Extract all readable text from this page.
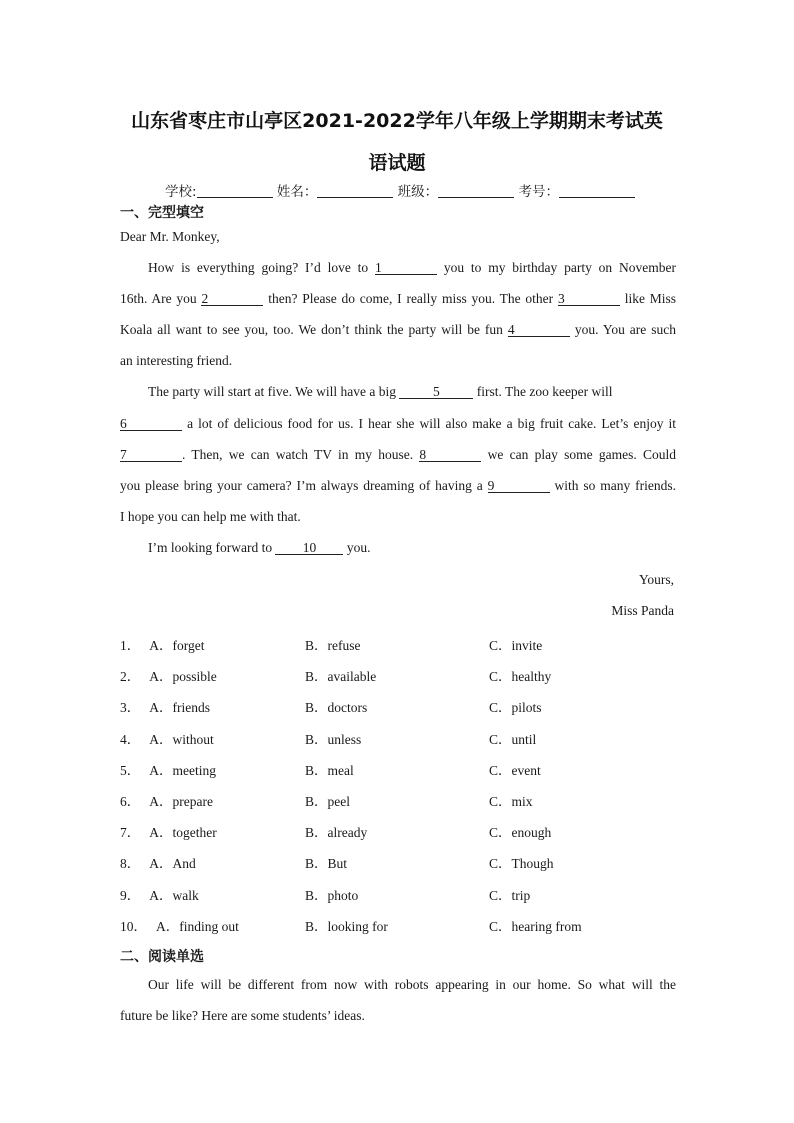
山东省枣庄市山亭区2021-2022学年八年级上学期期末考试英
语试题
学校:	姓名：	班级：	考号：
一、完型填空
Dear Mr. Monkey,
How is everything going? I’d love to 1	you to my birthday party on November
16th. Are you 2	then? Please do come, I really miss you. The other 3	like Miss
Koala all want to see you, too. We don’t think the party will be fun 4	you. You are such
an interesting friend.
The party will start at five. We will have a big	5	first. The zoo keeper will
6	a lot of delicious food for us. I hear she will also make a big fruit cake. Let’s enjoy it
7	. Then, we can watch TV in my house. 8	we can play some games. Could
you please bring your camera? I’m always dreaming of having a 9	with so many friends.
I hope you can help me with that.
I’m looking forward to 10 you.
Yours,
Miss Panda
1． A．forget	B．refuse	C．invite
2． A．possible	B．available	C．healthy
3． A．friends	B．doctors	C．pilots
4． A．without	B．unless	C．until
5． A．meeting	B．meal	C．event
6． A．prepare	B．peel	C．mix
7． A．together	B．already	C．enough
8． A．And	B．But	C．Though
9． A．walk	B．photo	C．trip
10． A．finding out	B．looking for	C．hearing from
二、阅读单选
Our life will be different from now with robots appearing in our home. So what will the
future be like? Here are some students’ ideas.
